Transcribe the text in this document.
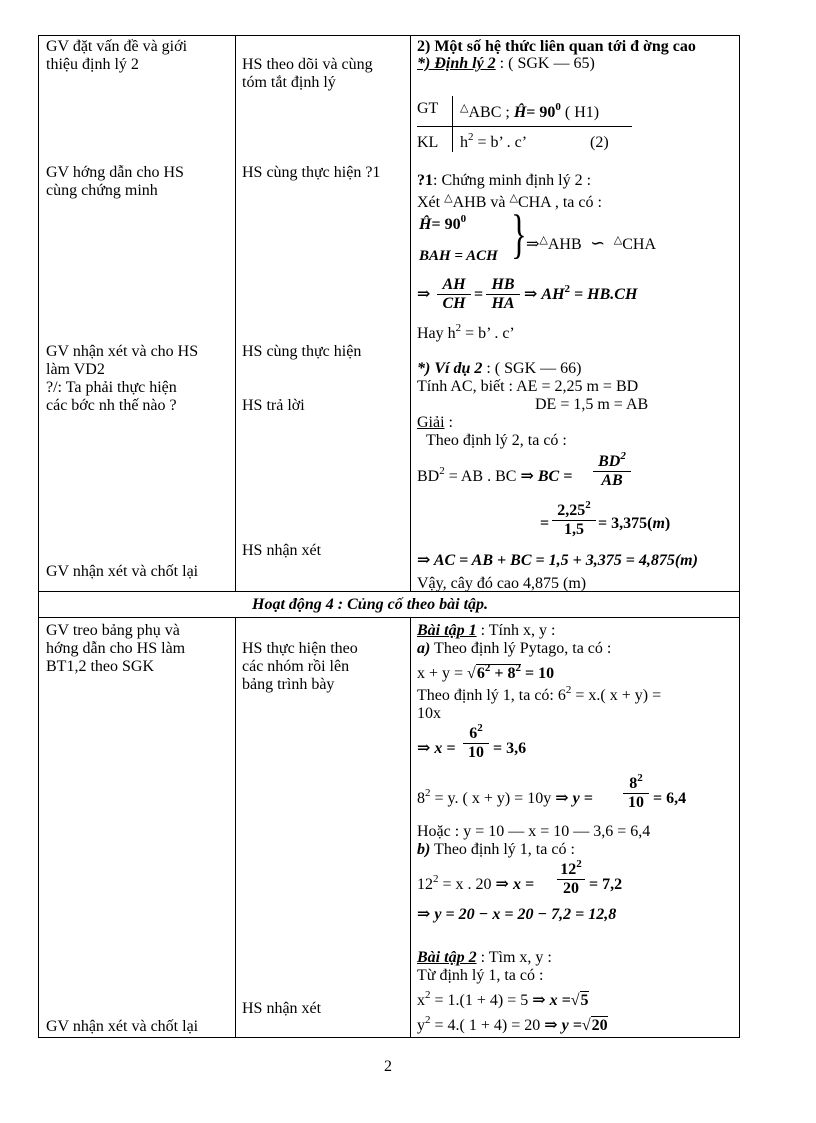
GV đặt vấn đề và giới
thiệu định lý 2
GV hớng dẫn cho HS
cùng chứng minh
GV nhận xét và cho HS
làm VD2
?/: Ta phải thực hiện
các bớc nh thế nào ?
GV nhận xét và chốt lại
GV treo bảng phụ và
hớng dẫn cho HS làm
BT1,2 theo SGK
GV nhận xét và chốt lại
HS theo dõi và cùng
tóm tắt định lý
HS cùng thực hiện ?1
HS cùng thực hiện
HS trả lời
HS nhận xét
HS thực hiện theo
các nhóm rồi lên
bảng trình bày
HS nhận xét
2) Một số hệ thức liên quan tới đ ờng cao
*) Định lý 2 : ( SGK — 65)
GT △ABC ; Ĥ= $90^0$ ( H1)
KL $h^2 = b$’ . c’	(2)
?1: Chứng minh định lý 2 :
Xét △AHB và △CHA , ta có :
Ĥ= $90^0$
BAH = ACH } ⇒△AHB  ∽  △CHA
⇒ $\frac{AH}{CH} = \frac{HB}{HA}$ ⇒ $AH^2 = HB.CH$
Hay $h^2 = b$’ . c’
*) Ví dụ 2 : ( SGK — 66)
Tính AC, biết : AE = 2,25 m = BD
DE = 1,5 m = AB
Giải :
Theo định lý 2, ta có :
$BD^2$ = AB . BC ⇒ BC = $\frac{BD^2}{AB}$
= $\frac{2,25^2}{1,5} = 3,375(m)$
⇒ AC = AB + BC = 1,5 + 3,375 = 4,875(m)
Vậy, cây đó cao 4,875 (m)
Hoạt động 4 : Củng cố theo bài tập.
Bài tập 1 : Tính x, y :
a) Theo định lý Pytago, ta có :
$x + y = √6^2 + 8^2 = 10$
Theo định lý 1, ta có: $6^2 = x$.( x + y) =
10x
⇒ $x = \frac{6^2}{10} = 3,6$
$8^2 = y$. ( x + y) = 10y ⇒ $y = \frac{8^2}{10} = 6,4$
Hoặc : y = 10 — x = 10 — 3,6 = 6,4
b) Theo định lý 1, ta có :
$12^2 = x$ . 20 ⇒ $x = \frac{12^2}{20} = 7,2$
⇒ y = 20 − x = 20 − 7,2 = 12,8
Bài tập 2 : Tìm x, y :
Từ định lý 1, ta có :
$x^2 = 1.(1 + 4) = 5$ ⇒ x =√5
$y^2 = 4$.( 1 + 4) = 20 ⇒ y =√20
2
